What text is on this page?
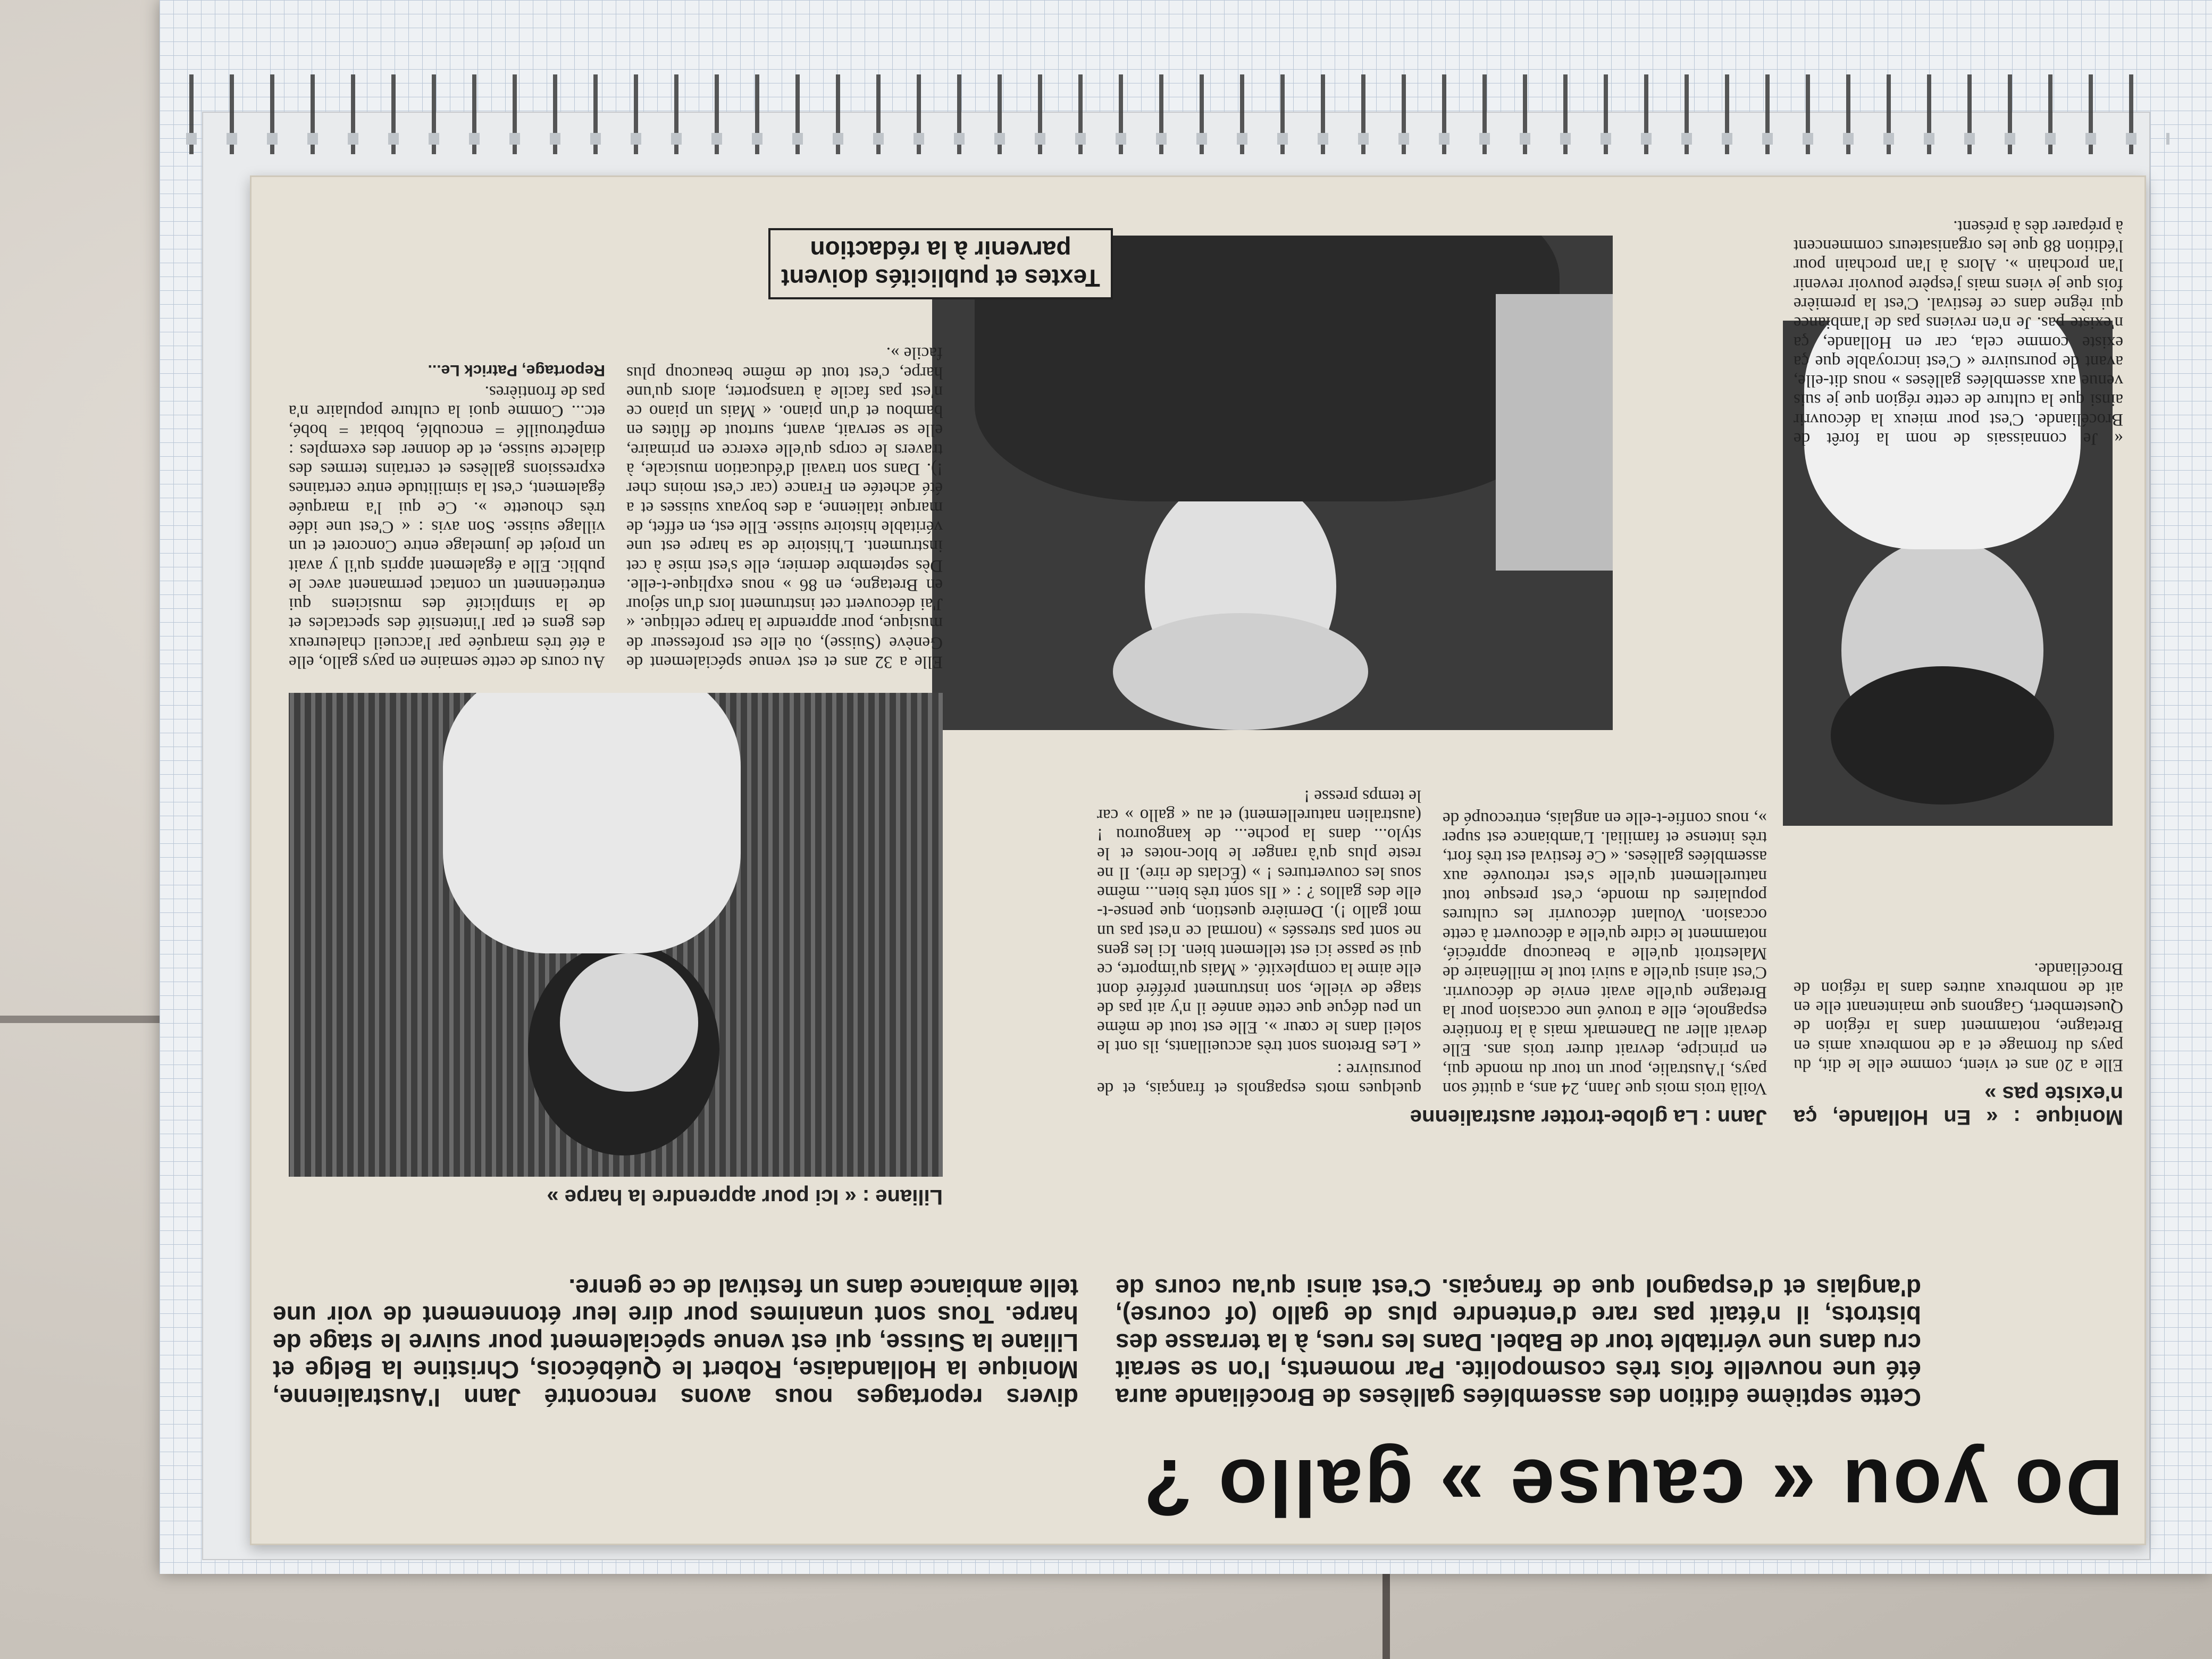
Do you « cause » gallo ?
Cette septième édition des assemblées gallèses de Brocéliande aura été une nouvelle fois très cosmopolite. Par moments, l'on se serait cru dans une véritable tour de Babel. Dans les rues, à la terrasse des bistrots, il n'était pas rare d'entendre plus de gallo (of course), d'anglais et d'espagnol que de français. C'est ainsi qu'au cours de divers reportages nous avons rencontré Jann l'Australienne, Monique la Hollandaise, Robert le Québécois, Christine la Belge et Liliane la Suisse, qui est venue spécialement pour suivre le stage de harpe. Tous sont unanimes pour dire leur étonnement de voir une telle ambiance dans un festival de ce genre.
Monique : « En Hollande, ça n'existe pas »

Elle a 20 ans et vient, comme elle le dit, du pays du fromage et a de nombreux amis en Bretagne, notamment dans la région de Questembert, Gagnons que maintenant elle en ait de nombreux autres dans la région de Brocéliande.

« Je connaissais de nom la forêt de Brocéliande. C'est pour mieux la découvrir ainsi que la culture de cette région que je suis venue aux assemblées gallèses » nous dit-elle, avant de poursuivre « C'est incroyable que ça existe comme cela, car en Hollande, ça n'existe pas. Je n'en reviens pas de l'ambiance qui règne dans ce festival. C'est la première fois que je viens mais j'espère pouvoir revenir l'an prochain ». Alors à l'an prochain pour l'édition 88 que les organisateurs commencent à préparer dès à présent.

Jann : La globe-trotter australienne

Voilà trois mois que Jann, 24 ans, a quitté son pays, l'Australie, pour un tour du monde qui, en principe, devrait durer trois ans. Elle devait aller au Danemark mais à la frontière espagnole, elle a trouvé une occasion pour la Bretagne qu'elle avait envie de découvrir. C'est ainsi qu'elle a suivi tout le millénaire de Malestroit qu'elle a beaucoup apprécié, notamment le cidre qu'elle a découvert à cette occasion. Voulant découvrir les cultures populaires du monde, c'est presque tout naturellement qu'elle s'est retrouvée aux assemblées gallèses. « Ce festival est très fort, très intense et familial. L'ambiance est super », nous confie-t-elle en anglais, entrecoupé de quelques mots espagnols et français, et de poursuivre :

« Les Bretons sont très accueillants, ils ont le soleil dans le cœur ». Elle est tout de même un peu déçue que cette année il n'y ait pas de stage de vielle, son instrument préféré dont elle aime la complexité. « Mais qu'importe, ce qui se passe ici est tellement bien. Ici les gens ne sont pas stressés » (normal ce n'est pas un mot gallo !). Dernière question, que pense-t-elle des gallos ? : « Ils sont très bien... même sous les couvertures ! » (Éclats de rire). Il ne reste plus qu'à ranger le bloc-notes et le stylo... dans la poche... de kangourou ! (australien naturellement) et au « gallo » car le temps presse !

Liliane : « Ici pour apprendre la harpe »

Elle a 32 ans et est venue spécialement de Genève (Suisse), où elle est professeur de musique, pour apprendre la harpe celtique. « J'ai découvert cet instrument lors d'un séjour en Bretagne, en 86 » nous explique-t-elle. Dès septembre dernier, elle s'est mise à cet instrument. L'histoire de sa harpe est une véritable histoire suisse. Elle est, en effet, de marque italienne, a des boyaux suisses et a été achetée en France (car c'est moins cher !). Dans son travail d'éducation musicale, à travers le corps qu'elle exerce en primaire, elle se servait, avant, surtout de flûtes en bambou et d'un piano. « Mais un piano ce n'est pas facile à transporter, alors qu'une harpe, c'est tout de même beaucoup plus facile ».

Au cours de cette semaine en pays gallo, elle a été très marquée par l'accueil chaleureux des gens et par l'intensité des spectacles et de la simplicité des musiciens qui entretiennent un contact permanent avec le public. Elle a également appris qu'il y avait un projet de jumelage entre Concoret et un village suisse. Son avis : « C'est une idée très chouette ». Ce qui l'a marquée également, c'est la similitude entre certaines expressions gallèses et certains termes des dialecte suisse, et de donner des exemples : empêtrouillé = encoublé, bobiat = bobé, etc... Comme quoi la culture populaire n'a pas de frontières.

Reportage, Patrick Le...

Textes et publicités doivent parvenir à la rédaction
